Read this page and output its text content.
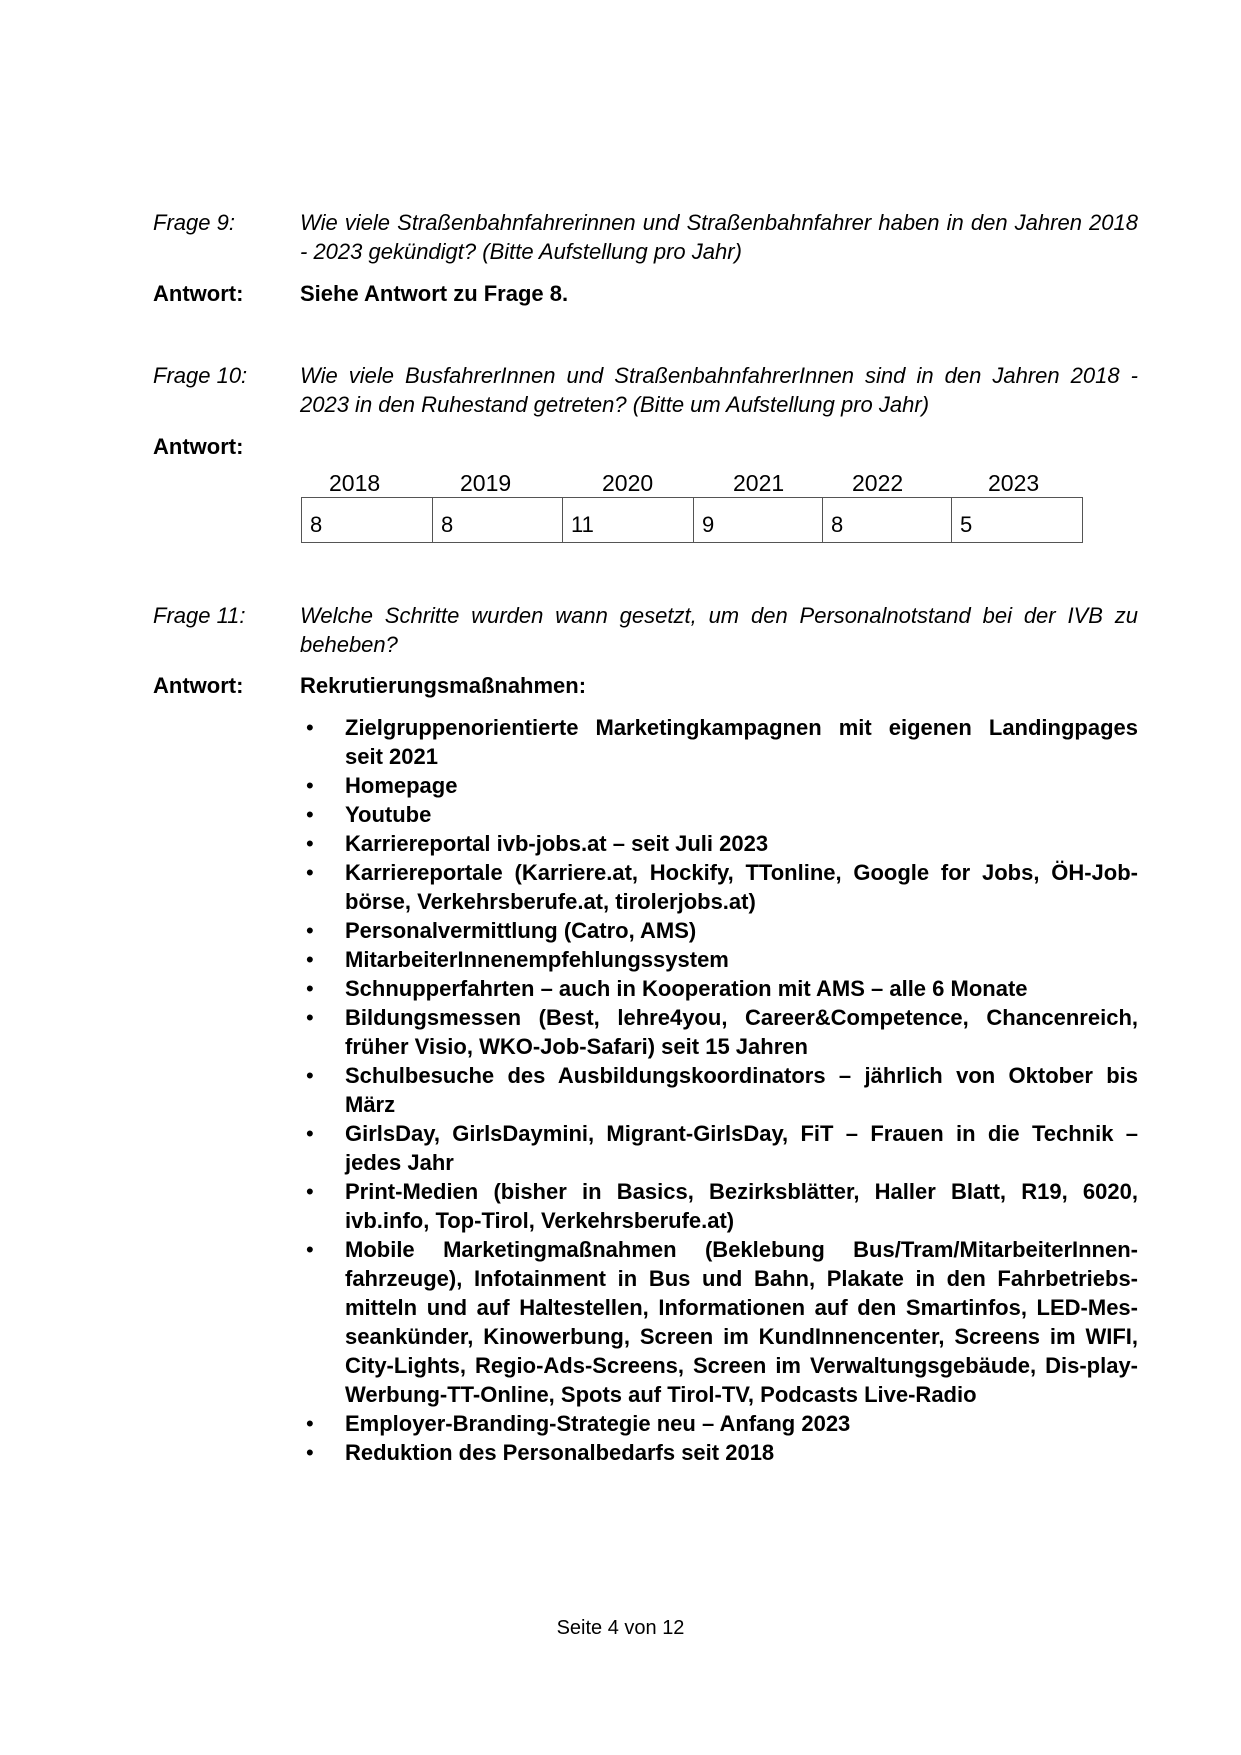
Frage 9:	Wie viele Straßenbahnfahrerinnen und Straßenbahnfahrer haben in den Jahren 2018 - 2023 gekündigt? (Bitte Aufstellung pro Jahr)
Antwort:	Siehe Antwort zu Frage 8.
Frage 10: Wie viele BusfahrerInnen und StraßenbahnfahrerInnen sind in den Jahren 2018 - 2023 in den Ruhestand getreten? (Bitte um Aufstellung pro Jahr)
Antwort:
2018	2019	2020	2021	2022	2023
8	8	11	9	8	5
Frage 11: Welche Schritte wurden wann gesetzt, um den Personalnotstand bei der IVB zu beheben?
Antwort:	Rekrutierungsmaßnahmen:
• Zielgruppenorientierte Marketingkampagnen mit eigenen Landingpages seit 2021
• Homepage
• Youtube
• Karriereportal ivb-jobs.at – seit Juli 2023
• Karriereportale (Karriere.at, Hockify, TTonline, Google for Jobs, ÖH-Job-börse, Verkehrsberufe.at, tirolerjobs.at)
• Personalvermittlung (Catro, AMS)
• MitarbeiterInnenempfehlungssystem
• Schnupperfahrten – auch in Kooperation mit AMS – alle 6 Monate
• Bildungsmessen (Best, lehre4you, Career&Competence, Chancenreich, früher Visio, WKO-Job-Safari) seit 15 Jahren
• Schulbesuche des Ausbildungskoordinators – jährlich von Oktober bis März
• GirlsDay, GirlsDaymini, Migrant-GirlsDay, FiT – Frauen in die Technik – jedes Jahr
• Print-Medien (bisher in Basics, Bezirksblätter, Haller Blatt, R19, 6020, ivb.info, Top-Tirol, Verkehrsberufe.at)
• Mobile Marketingmaßnahmen (Beklebung Bus/Tram/MitarbeiterInnen-fahrzeuge), Infotainment in Bus und Bahn, Plakate in den Fahrbetriebs-mitteln und auf Haltestellen, Informationen auf den Smartinfos, LED-Mes-seankünder, Kinowerbung, Screen im KundInnencenter, Screens im WIFI, City-Lights, Regio-Ads-Screens, Screen im Verwaltungsgebäude, Dis-play-Werbung-TT-Online, Spots auf Tirol-TV, Podcasts Live-Radio
• Employer-Branding-Strategie neu – Anfang 2023
• Reduktion des Personalbedarfs seit 2018
Seite 4 von 12
